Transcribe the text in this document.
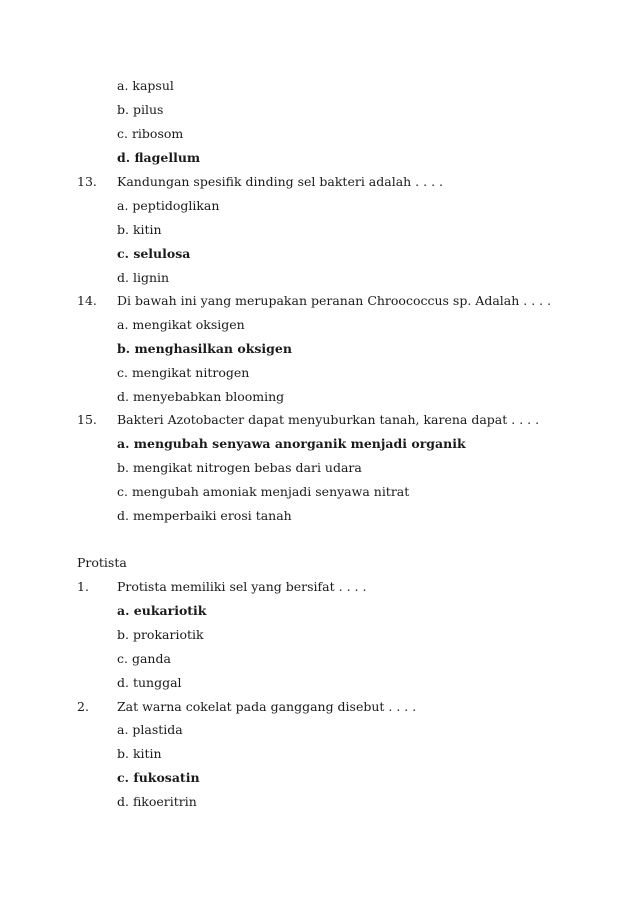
a. kapsul
b. pilus
c. ribosom
d. flagellum
13. Kandungan spesifik dinding sel bakteri adalah . . . .
a. peptidoglikan
b. kitin
c. selulosa
d. lignin
14. Di bawah ini yang merupakan peranan Chroococcus sp. Adalah . . . .
a. mengikat oksigen
b. menghasilkan oksigen
c. mengikat nitrogen
d. menyebabkan blooming
15. Bakteri Azotobacter dapat menyuburkan tanah, karena dapat . . . .
a. mengubah senyawa anorganik menjadi organik
b. mengikat nitrogen bebas dari udara
c. mengubah amoniak menjadi senyawa nitrat
d. memperbaiki erosi tanah
Protista
1. Protista memiliki sel yang bersifat . . . .
a. eukariotik
b. prokariotik
c. ganda
d. tunggal
2. Zat warna cokelat pada ganggang disebut . . . .
a. plastida
b. kitin
c. fukosatin
d. fikoeritrin
